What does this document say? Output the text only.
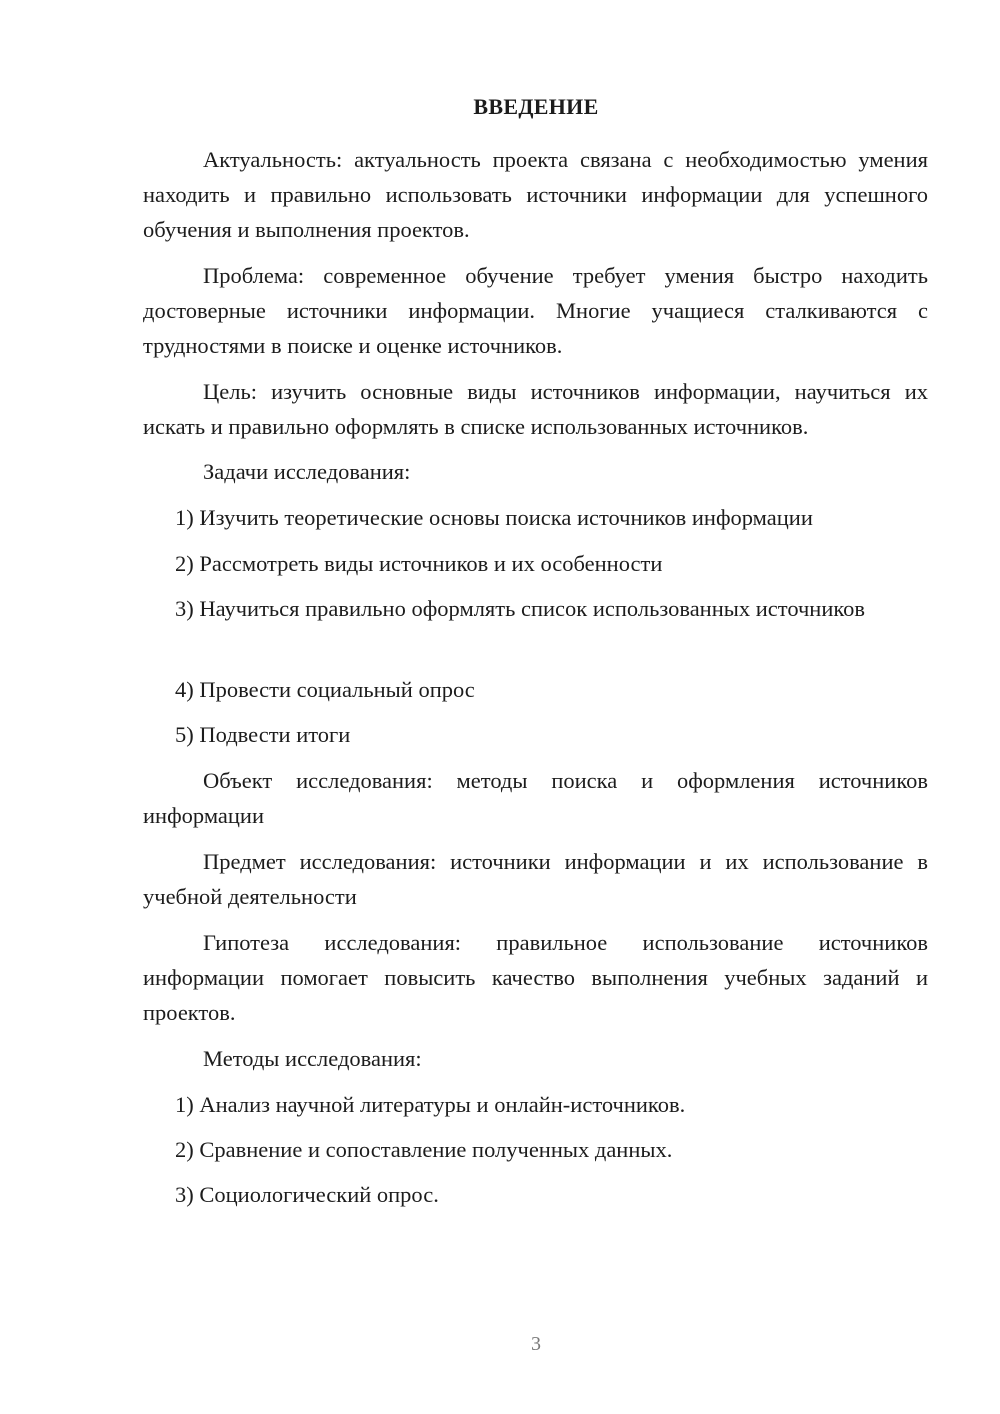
ВВЕДЕНИЕ
Актуальность: актуальность проекта связана с необходимостью умения находить и правильно использовать источники информации для успешного обучения и выполнения проектов.
Проблема: современное обучение требует умения быстро находить достоверные источники информации. Многие учащиеся сталкиваются с трудностями в поиске и оценке источников.
Цель: изучить основные виды источников информации, научиться их искать и правильно оформлять в списке использованных источников.
Задачи исследования:
1) Изучить теоретические основы поиска источников информации
2) Рассмотреть виды источников и их особенности
3) Научиться правильно оформлять список использованных источников
4) Провести социальный опрос
5) Подвести итоги
Объект исследования: методы поиска и оформления источников информации
Предмет исследования: источники информации и их использование в учебной деятельности
Гипотеза исследования: правильное использование источников информации помогает повысить качество выполнения учебных заданий и проектов.
Методы исследования:
1) Анализ научной литературы и онлайн-источников.
2) Сравнение и сопоставление полученных данных.
3) Социологический опрос.
3
